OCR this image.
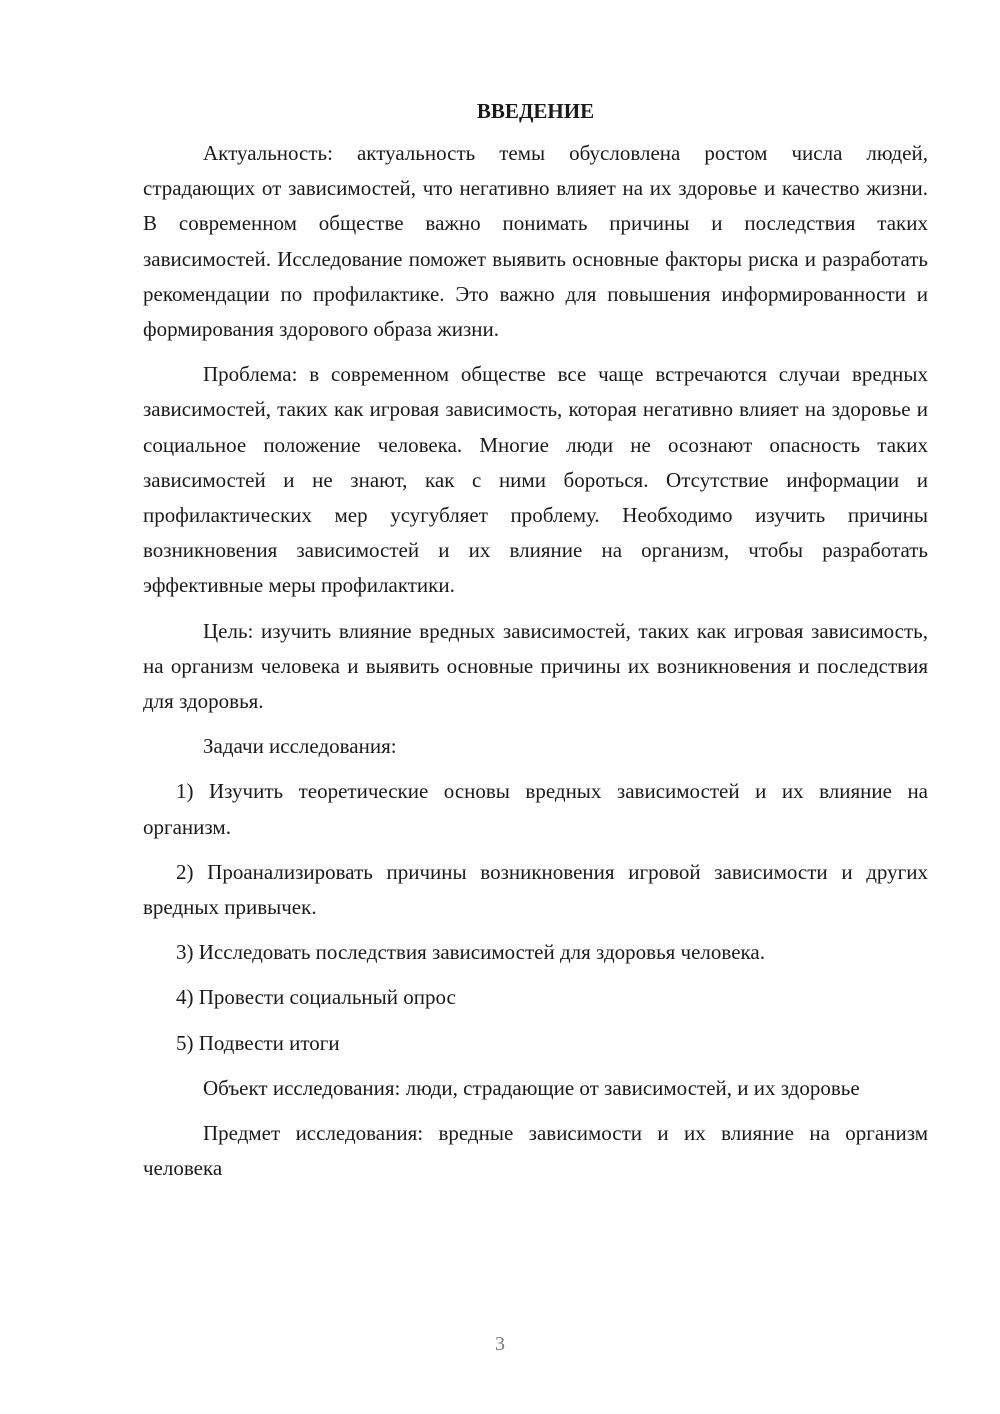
ВВЕДЕНИЕ

Актуальность: актуальность темы обусловлена ростом числа людей, страдающих от зависимостей, что негативно влияет на их здоровье и качество жизни. В современном обществе важно понимать причины и последствия таких зависимостей. Исследование поможет выявить основные факторы риска и разработать рекомендации по профилактике. Это важно для повышения информированности и формирования здорового образа жизни.

Проблема: в современном обществе все чаще встречаются случаи вредных зависимостей, таких как игровая зависимость, которая негативно влияет на здоровье и социальное положение человека. Многие люди не осознают опасность таких зависимостей и не знают, как с ними бороться. Отсутствие информации и профилактических мер усугубляет проблему. Необходимо изучить причины возникновения зависимостей и их влияние на организм, чтобы разработать эффективные меры профилактики.

Цель: изучить влияние вредных зависимостей, таких как игровая зависимость, на организм человека и выявить основные причины их возникновения и последствия для здоровья.

Задачи исследования:

1) Изучить теоретические основы вредных зависимостей и их влияние на организм.

2) Проанализировать причины возникновения игровой зависимости и других вредных привычек.

3) Исследовать последствия зависимостей для здоровья человека.

4) Провести социальный опрос

5) Подвести итоги

Объект исследования: люди, страдающие от зависимостей, и их здоровье

Предмет исследования: вредные зависимости и их влияние на организм человека

3
